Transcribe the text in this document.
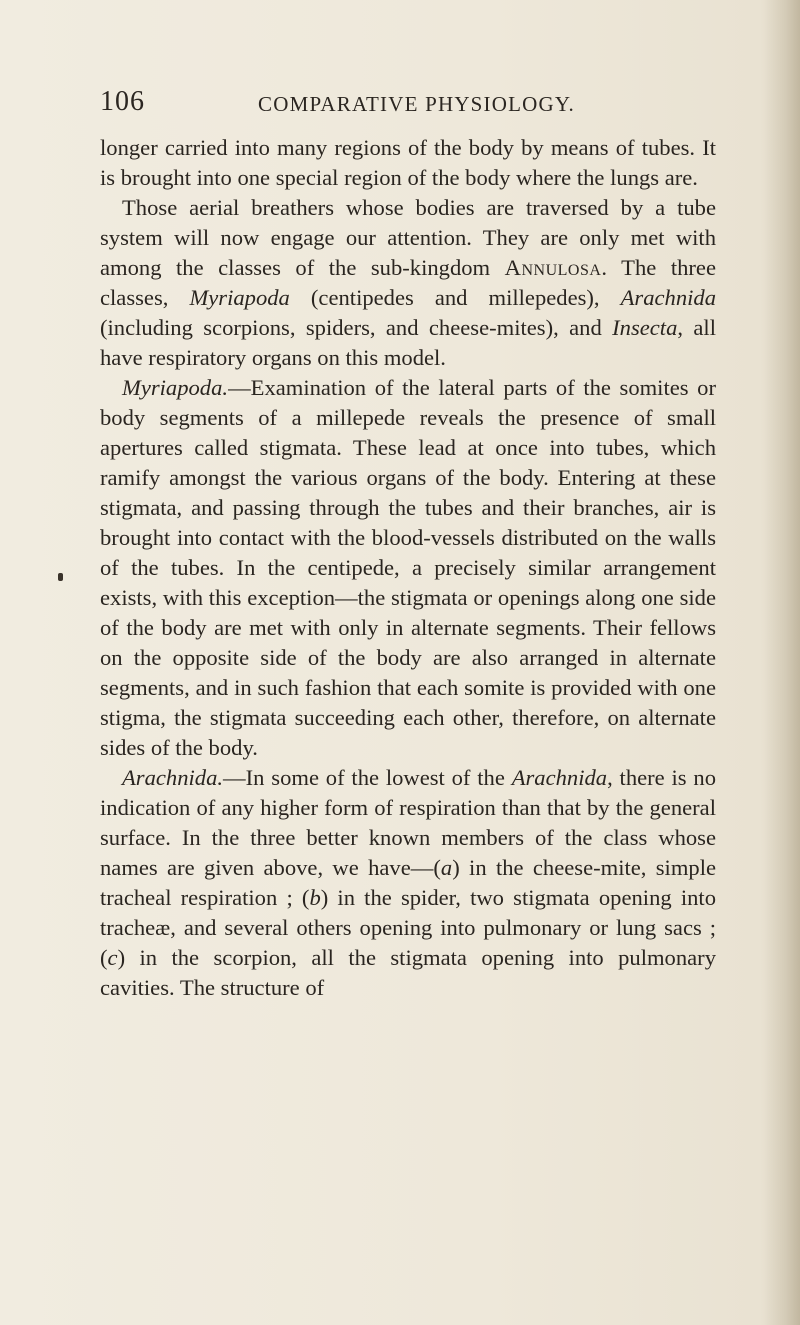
106	COMPARATIVE PHYSIOLOGY.

longer carried into many regions of the body by means of tubes. It is brought into one special region of the body where the lungs are.

Those aerial breathers whose bodies are traversed by a tube system will now engage our attention. They are only met with among the classes of the sub-kingdom Annulosa. The three classes, Myriapoda (centipedes and millepedes), Arachnida (including scorpions, spiders, and cheese-mites), and Insecta, all have respiratory organs on this model.

Myriapoda.—Examination of the lateral parts of the somites or body segments of a millepede reveals the presence of small apertures called stigmata. These lead at once into tubes, which ramify amongst the various organs of the body. Entering at these stigmata, and passing through the tubes and their branches, air is brought into contact with the blood-vessels distributed on the walls of the tubes. In the centipede, a precisely similar arrangement exists, with this exception—the stigmata or openings along one side of the body are met with only in alternate segments. Their fellows on the opposite side of the body are also arranged in alternate segments, and in such fashion that each somite is provided with one stigma, the stigmata succeeding each other, therefore, on alternate sides of the body.

Arachnida.—In some of the lowest of the Arachnida, there is no indication of any higher form of respiration than that by the general surface. In the three better known members of the class whose names are given above, we have—(a) in the cheese-mite, simple tracheal respiration ; (b) in the spider, two stigmata opening into tracheæ, and several others opening into pulmonary or lung sacs ; (c) in the scorpion, all the stigmata opening into pulmonary cavities. The structure of
